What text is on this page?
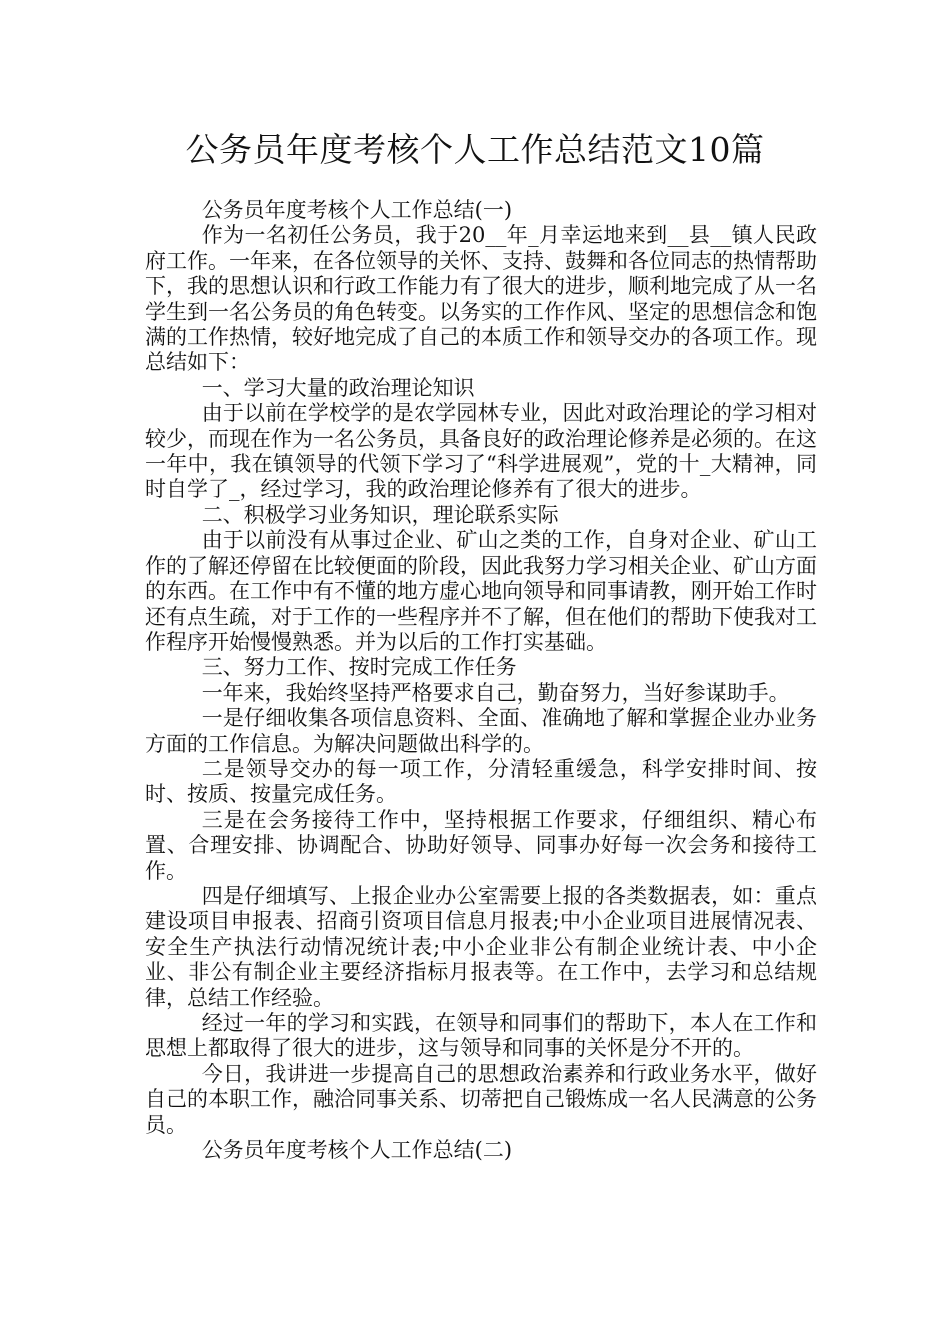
公务员年度考核个人工作总结范文10篇

公务员年度考核个人工作总结(一)

作为一名初任公务员，我于20__年_月幸运地来到__县__镇人民政府工作。一年来，在各位领导的关怀、支持、鼓舞和各位同志的热情帮助下，我的思想认识和行政工作能力有了很大的进步，顺利地完成了从一名学生到一名公务员的角色转变。以务实的工作作风、坚定的思想信念和饱满的工作热情，较好地完成了自己的本质工作和领导交办的各项工作。现总结如下：

一、学习大量的政治理论知识

由于以前在学校学的是农学园林专业，因此对政治理论的学习相对较少，而现在作为一名公务员，具备良好的政治理论修养是必须的。在这一年中，我在镇领导的代领下学习了“科学进展观”，党的十_大精神，同时自学了_，经过学习，我的政治理论修养有了很大的进步。

二、积极学习业务知识，理论联系实际

由于以前没有从事过企业、矿山之类的工作，自身对企业、矿山工作的了解还停留在比较便面的阶段，因此我努力学习相关企业、矿山方面的东西。在工作中有不懂的地方虚心地向领导和同事请教，刚开始工作时还有点生疏，对于工作的一些程序并不了解，但在他们的帮助下使我对工作程序开始慢慢熟悉。并为以后的工作打实基础。

三、努力工作、按时完成工作任务

一年来，我始终坚持严格要求自己，勤奋努力，当好参谋助手。

一是仔细收集各项信息资料、全面、准确地了解和掌握企业办业务方面的工作信息。为解决问题做出科学的。

二是领导交办的每一项工作，分清轻重缓急，科学安排时间、按时、按质、按量完成任务。

三是在会务接待工作中，坚持根据工作要求，仔细组织、精心布置、合理安排、协调配合、协助好领导、同事办好每一次会务和接待工作。

四是仔细填写、上报企业办公室需要上报的各类数据表，如：重点建设项目申报表、招商引资项目信息月报表;中小企业项目进展情况表、安全生产执法行动情况统计表;中小企业非公有制企业统计表、中小企业、非公有制企业主要经济指标月报表等。在工作中，去学习和总结规律，总结工作经验。

经过一年的学习和实践，在领导和同事们的帮助下，本人在工作和思想上都取得了很大的进步，这与领导和同事的关怀是分不开的。

今日，我讲进一步提高自己的思想政治素养和行政业务水平，做好自己的本职工作，融洽同事关系、切蒂把自己锻炼成一名人民满意的公务员。

公务员年度考核个人工作总结(二)
